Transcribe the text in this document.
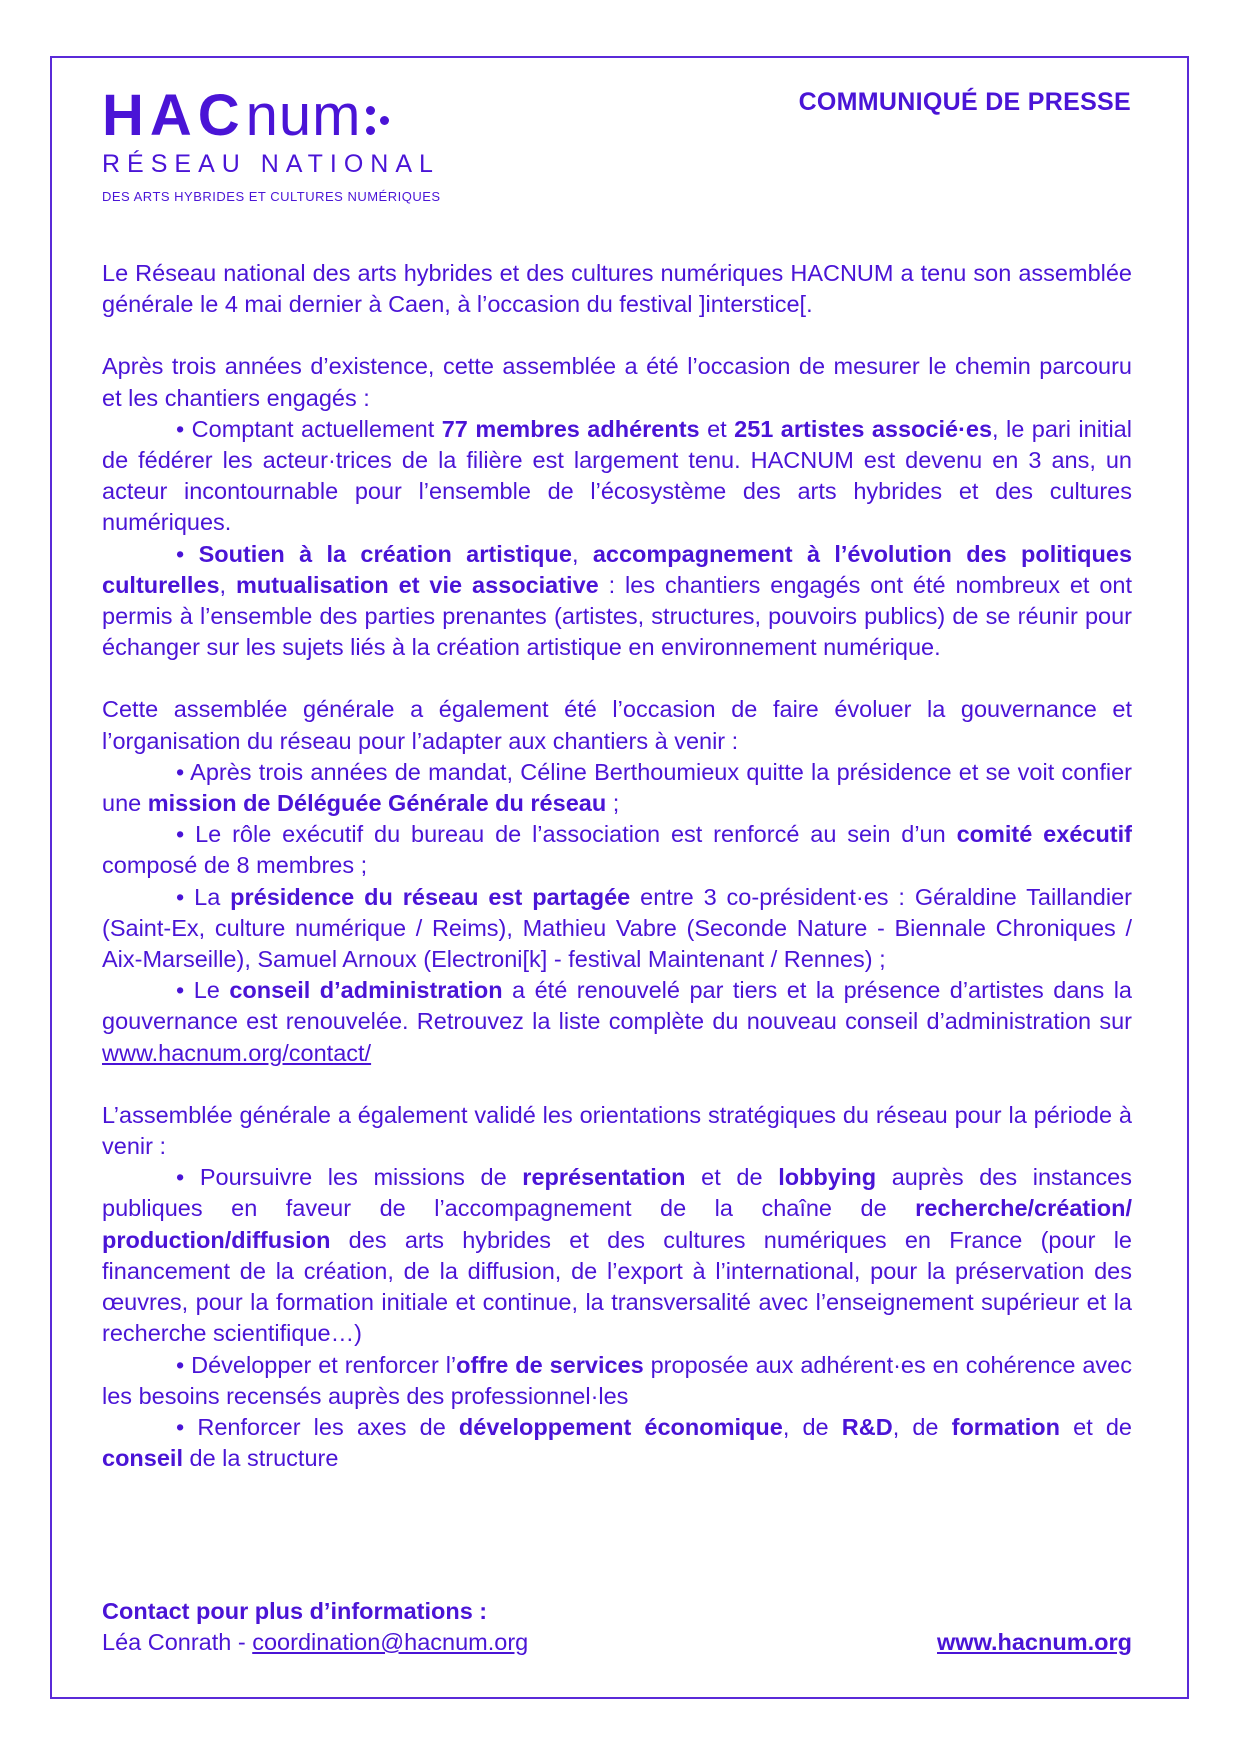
HACnum
RÉSEAU NATIONAL
DES ARTS HYBRIDES ET CULTURES NUMÉRIQUES
COMMUNIQUÉ DE PRESSE

Le Réseau national des arts hybrides et des cultures numériques HACNUM a tenu son assemblée générale le 4 mai dernier à Caen, à l’occasion du festival ]interstice[.

Après trois années d’existence, cette assemblée a été l’occasion de mesurer le chemin parcouru et les chantiers engagés :

• Comptant actuellement 77 membres adhérents et 251 artistes associé·es, le pari initial de fédérer les acteur·trices de la filière est largement tenu. HACNUM est devenu en 3 ans, un acteur incontournable pour l’ensemble de l’écosystème des arts hybrides et des cultures numériques.

• Soutien à la création artistique, accompagnement à l’évolution des politiques culturelles, mutualisation et vie associative : les chantiers engagés ont été nombreux et ont permis à l’ensemble des parties prenantes (artistes, structures, pouvoirs publics) de se réunir pour échanger sur les sujets liés à la création artistique en environnement numérique.

Cette assemblée générale a également été l’occasion de faire évoluer la gouvernance et l’organisation du réseau pour l’adapter aux chantiers à venir :

• Après trois années de mandat, Céline Berthoumieux quitte la présidence et se voit confier une mission de Déléguée Générale du réseau ;

• Le rôle exécutif du bureau de l’association est renforcé au sein d’un comité exécutif composé de 8 membres ;

• La présidence du réseau est partagée entre 3 co-président·es : Géraldine Taillandier (Saint-Ex, culture numérique / Reims), Mathieu Vabre (Seconde Nature - Biennale Chroniques / Aix-Marseille), Samuel Arnoux (Electroni[k] - festival Maintenant / Rennes) ;

• Le conseil d’administration a été renouvelé par tiers et la présence d’artistes dans la gouvernance est renouvelée. Retrouvez la liste complète du nouveau conseil d’administration sur www.hacnum.org/contact/

L’assemblée générale a également validé les orientations stratégiques du réseau pour la période à venir :

• Poursuivre les missions de représentation et de lobbying auprès des instances publiques en faveur de l’accompagnement de la chaîne de recherche/création/ production/diffusion des arts hybrides et des cultures numériques en France (pour le financement de la création, de la diffusion, de l’export à l’international, pour la préservation des œuvres, pour la formation initiale et continue, la transversalité avec l’enseignement supérieur et la recherche scientifique…)

• Développer et renforcer l’offre de services proposée aux adhérent·es en cohérence avec les besoins recensés auprès des professionnel·les

• Renforcer les axes de développement économique, de R&D, de formation et de conseil de la structure

Contact pour plus d’informations :
Léa Conrath - coordination@hacnum.org	www.hacnum.org
